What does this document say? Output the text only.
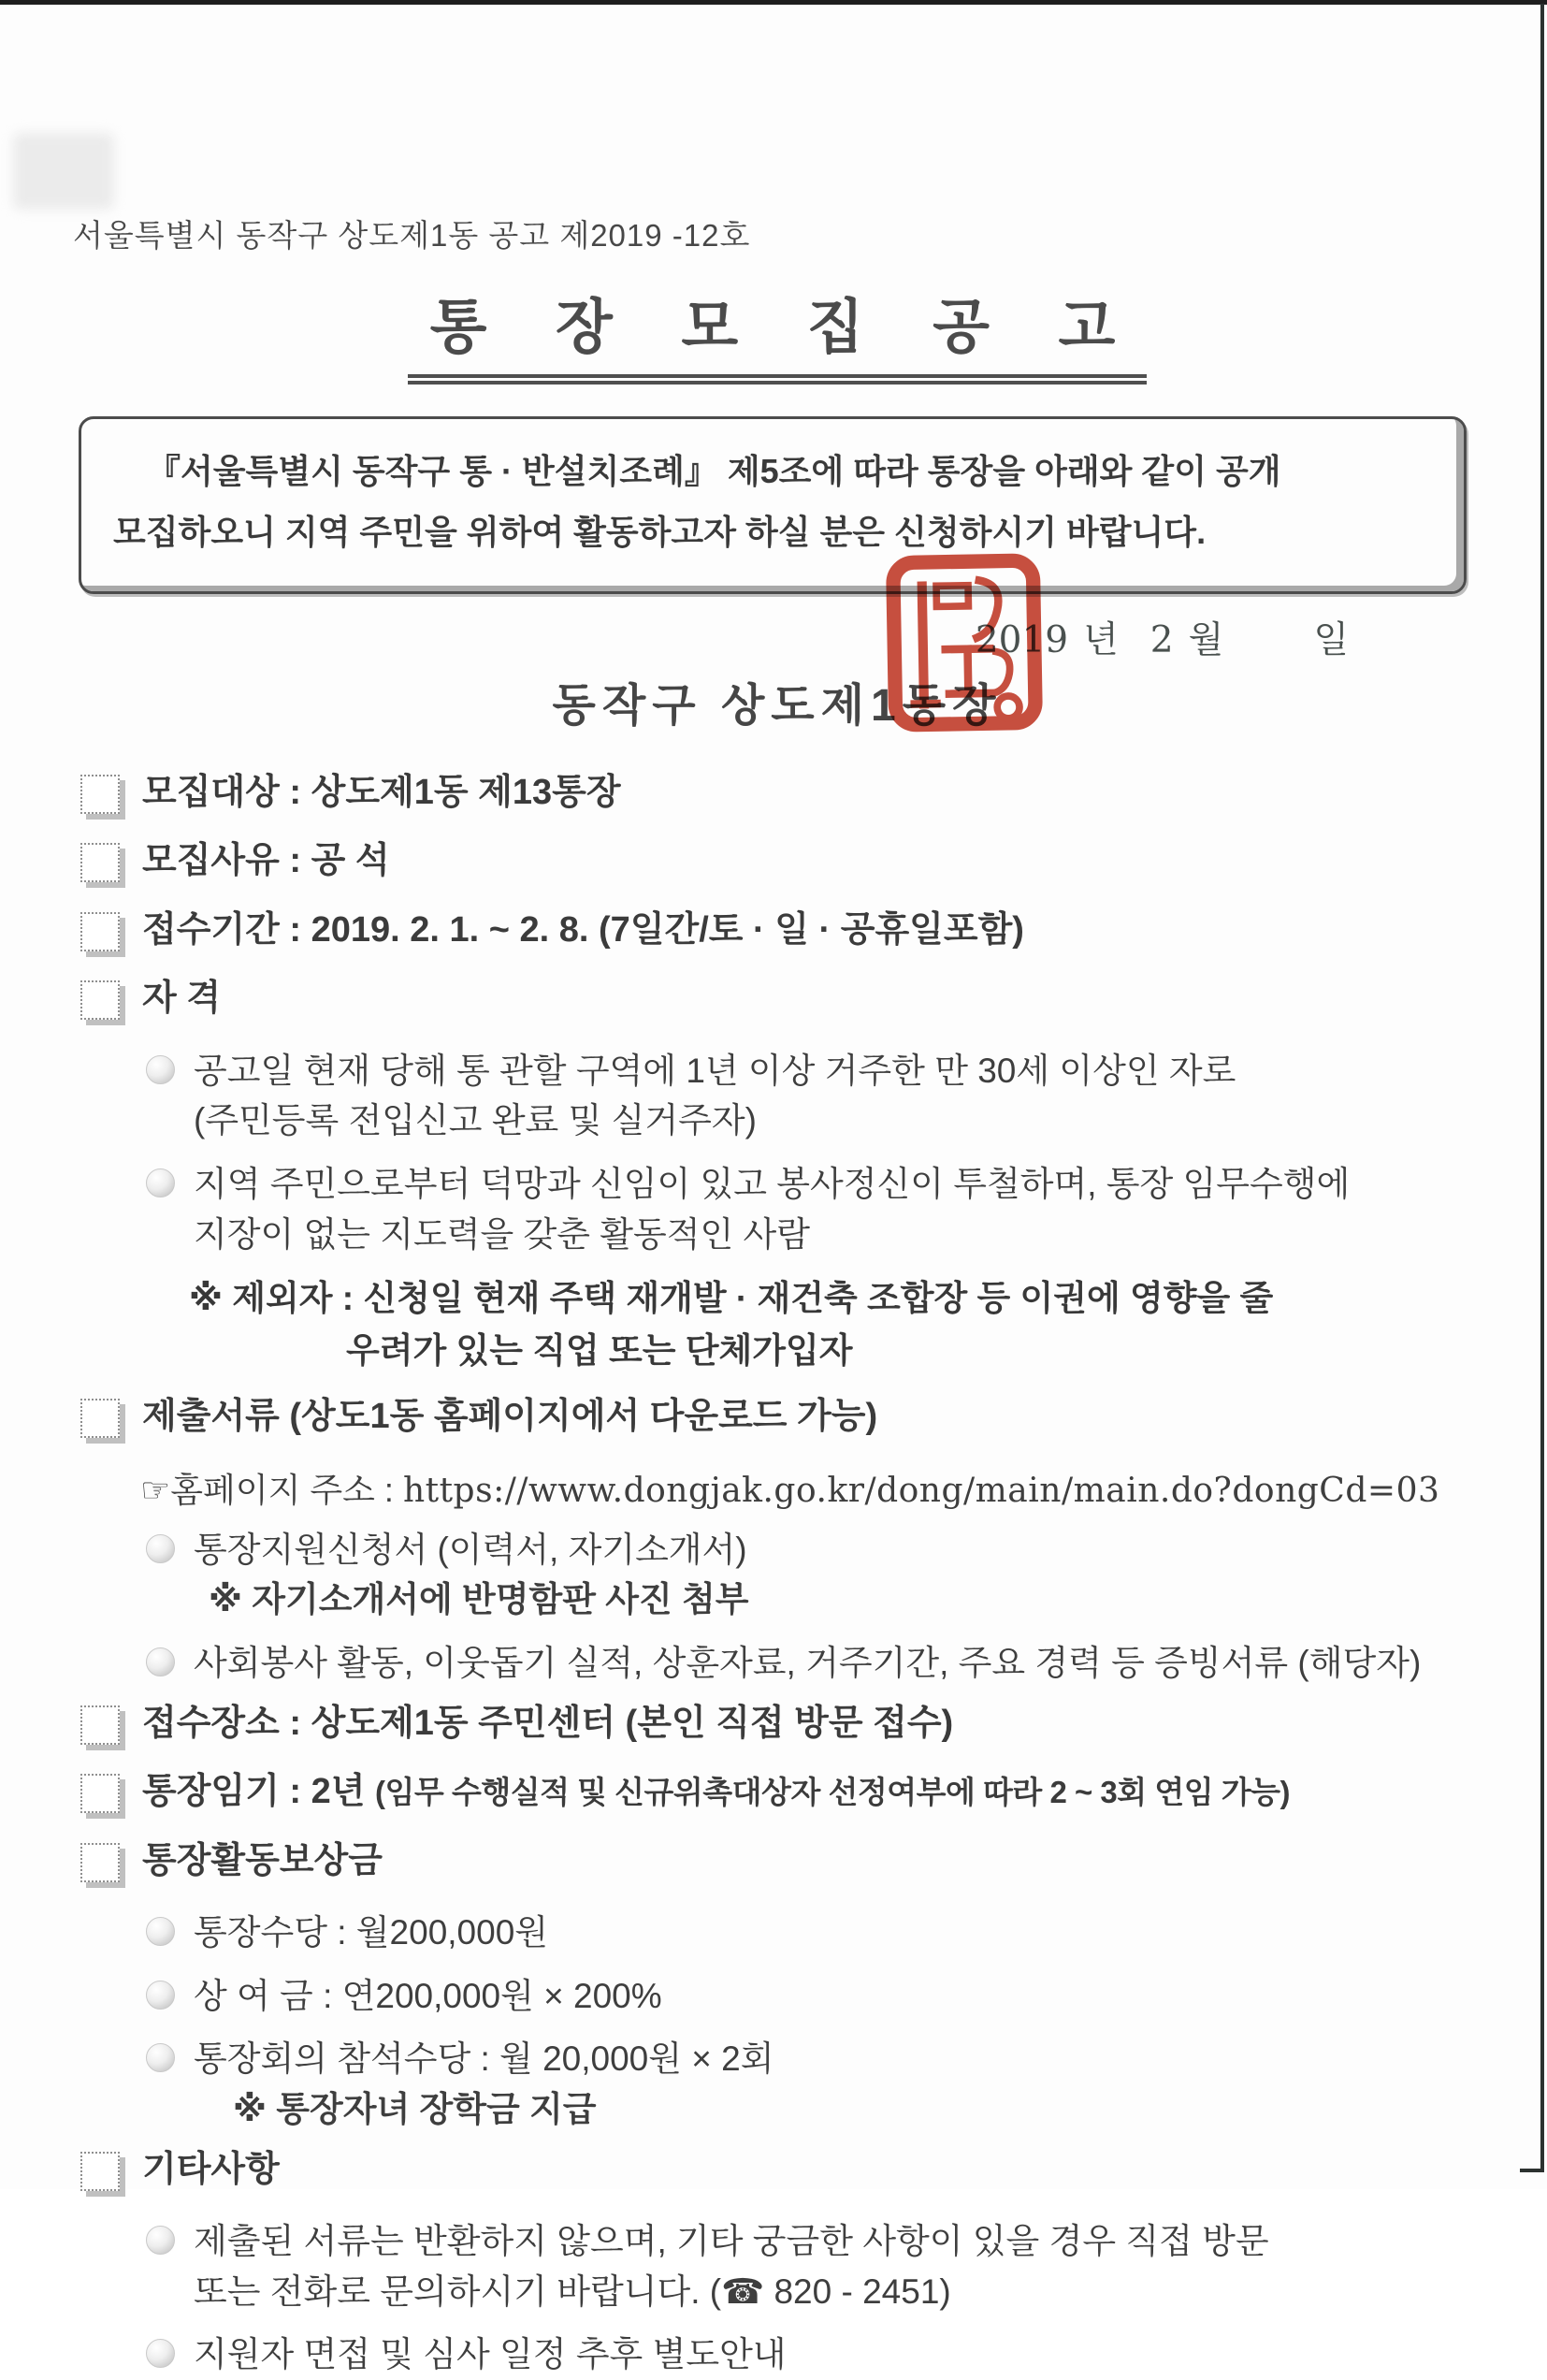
서울특별시 동작구 상도제1동 공고 제2019 -12호
통 장 모 집 공 고
『서울특별시 동작구 통 · 반설치조례』 제5조에 따라 통장을 아래와 같이 공개
모집하오니 지역 주민을 위하여 활동하고자 하실 분은 신청하시기 바랍니다.
2019 년 2 월 일
동작구 상도제1동장
모집대상 : 상도제1동 제13통장
모집사유 : 공 석
접수기간 : 2019. 2. 1. ~ 2. 8. (7일간/토 · 일 · 공휴일포함)
자 격
공고일 현재 당해 통 관할 구역에 1년 이상 거주한 만 30세 이상인 자로
(주민등록 전입신고 완료 및 실거주자)
지역 주민으로부터 덕망과 신임이 있고 봉사정신이 투철하며, 통장 임무수행에
지장이 없는 지도력을 갖춘 활동적인 사람
※ 제외자 : 신청일 현재 주택 재개발 · 재건축 조합장 등 이권에 영향을 줄
우려가 있는 직업 또는 단체가입자
제출서류 (상도1동 홈페이지에서 다운로드 가능)
☞홈페이지 주소 : https://www.dongjak.go.kr/dong/main/main.do?dongCd=03
통장지원신청서 (이력서, 자기소개서)
※ 자기소개서에 반명함판 사진 첨부
사회봉사 활동, 이웃돕기 실적, 상훈자료, 거주기간, 주요 경력 등 증빙서류 (해당자)
접수장소 : 상도제1동 주민센터 (본인 직접 방문 접수)
통장임기 : 2년 (임무 수행실적 및 신규위촉대상자 선정여부에 따라 2 ~ 3회 연임 가능)
통장활동보상금
통장수당 : 월200,000원
상 여 금 : 연200,000원 × 200%
통장회의 참석수당 : 월 20,000원 × 2회
※ 통장자녀 장학금 지급
기타사항
제출된 서류는 반환하지 않으며, 기타 궁금한 사항이 있을 경우 직접 방문
또는 전화로 문의하시기 바랍니다. (☎ 820 - 2451)
지원자 면접 및 심사 일정 추후 별도안내
